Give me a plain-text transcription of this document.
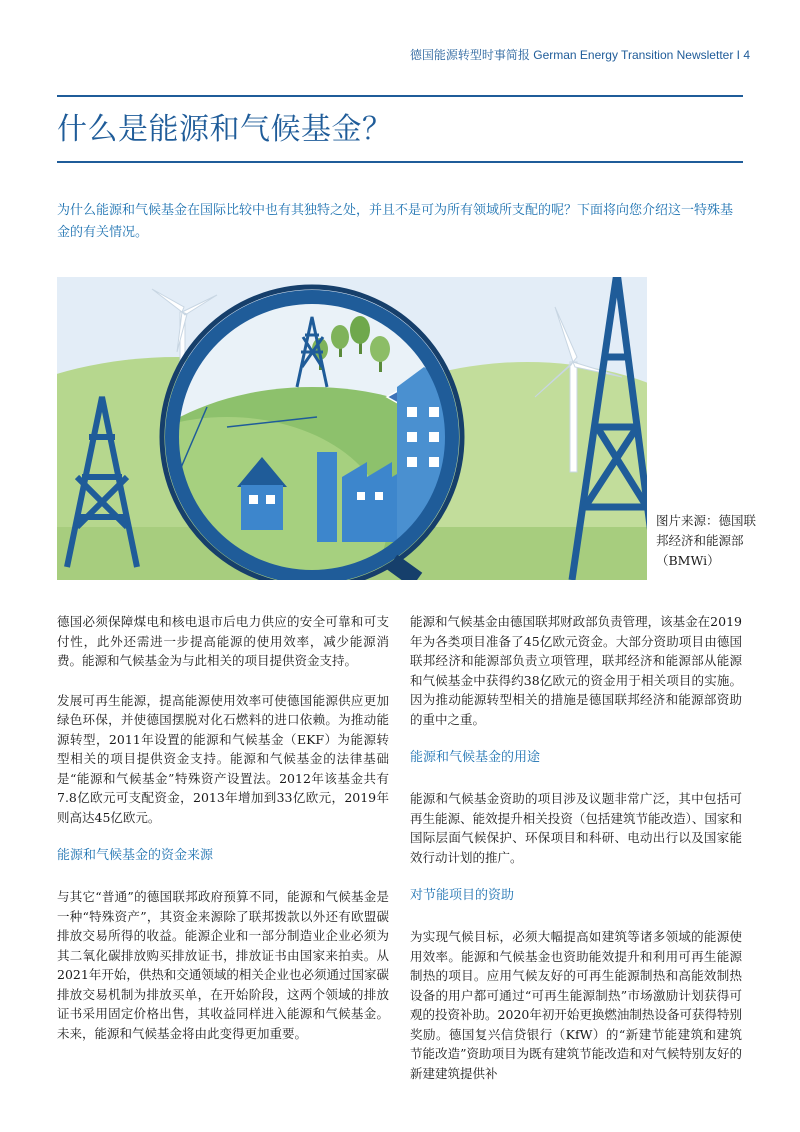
德国能源转型时事简报 German Energy Transition Newsletter I 4
什么是能源和气候基金？

为什么能源和气候基金在国际比较中也有其独特之处，并且不是可为所有领域所支配的呢？下面将向您介绍这一特殊基金的有关情况。

图片来源：德国联邦经济和能源部（BMWi）

德国必须保障煤电和核电退市后电力供应的安全可靠和可支付性，此外还需进一步提高能源的使用效率，减少能源消费。能源和气候基金为与此相关的项目提供资金支持。

发展可再生能源，提高能源使用效率可使德国能源供应更加绿色环保，并使德国摆脱对化石燃料的进口依赖。为推动能源转型，2011年设置的能源和气候基金（EKF）为能源转型相关的项目提供资金支持。能源和气候基金的法律基础是“能源和气候基金”特殊资产设置法。2012年该基金共有7.8亿欧元可支配资金，2013年增加到33亿欧元，2019年则高达45亿欧元。

能源和气候基金的资金来源

与其它“普通”的德国联邦政府预算不同，能源和气候基金是一种“特殊资产”，其资金来源除了联邦拨款以外还有欧盟碳排放交易所得的收益。能源企业和一部分制造业企业必须为其二氧化碳排放购买排放证书，排放证书由国家来拍卖。从2021年开始，供热和交通领域的相关企业也必须通过国家碳排放交易机制为排放买单，在开始阶段，这两个领域的排放证书采用固定价格出售，其收益同样进入能源和气候基金。未来，能源和气候基金将由此变得更加重要。

能源和气候基金由德国联邦财政部负责管理，该基金在2019年为各类项目准备了45亿欧元资金。大部分资助项目由德国联邦经济和能源部负责立项管理，联邦经济和能源部从能源和气候基金中获得约38亿欧元的资金用于相关项目的实施。因为推动能源转型相关的措施是德国联邦经济和能源部资助的重中之重。

能源和气候基金的用途

能源和气候基金资助的项目涉及议题非常广泛，其中包括可再生能源、能效提升相关投资（包括建筑节能改造）、国家和国际层面气候保护、环保项目和科研、电动出行以及国家能效行动计划的推广。

对节能项目的资助

为实现气候目标，必须大幅提高如建筑等诸多领域的能源使用效率。能源和气候基金也资助能效提升和利用可再生能源制热的项目。应用气候友好的可再生能源制热和高能效制热设备的用户都可通过“可再生能源制热”市场激励计划获得可观的投资补助。2020年初开始更换燃油制热设备可获得特别奖励。德国复兴信贷银行（KfW）的“新建节能建筑和建筑节能改造”资助项目为既有建筑节能改造和对气候特别友好的新建建筑提供补
